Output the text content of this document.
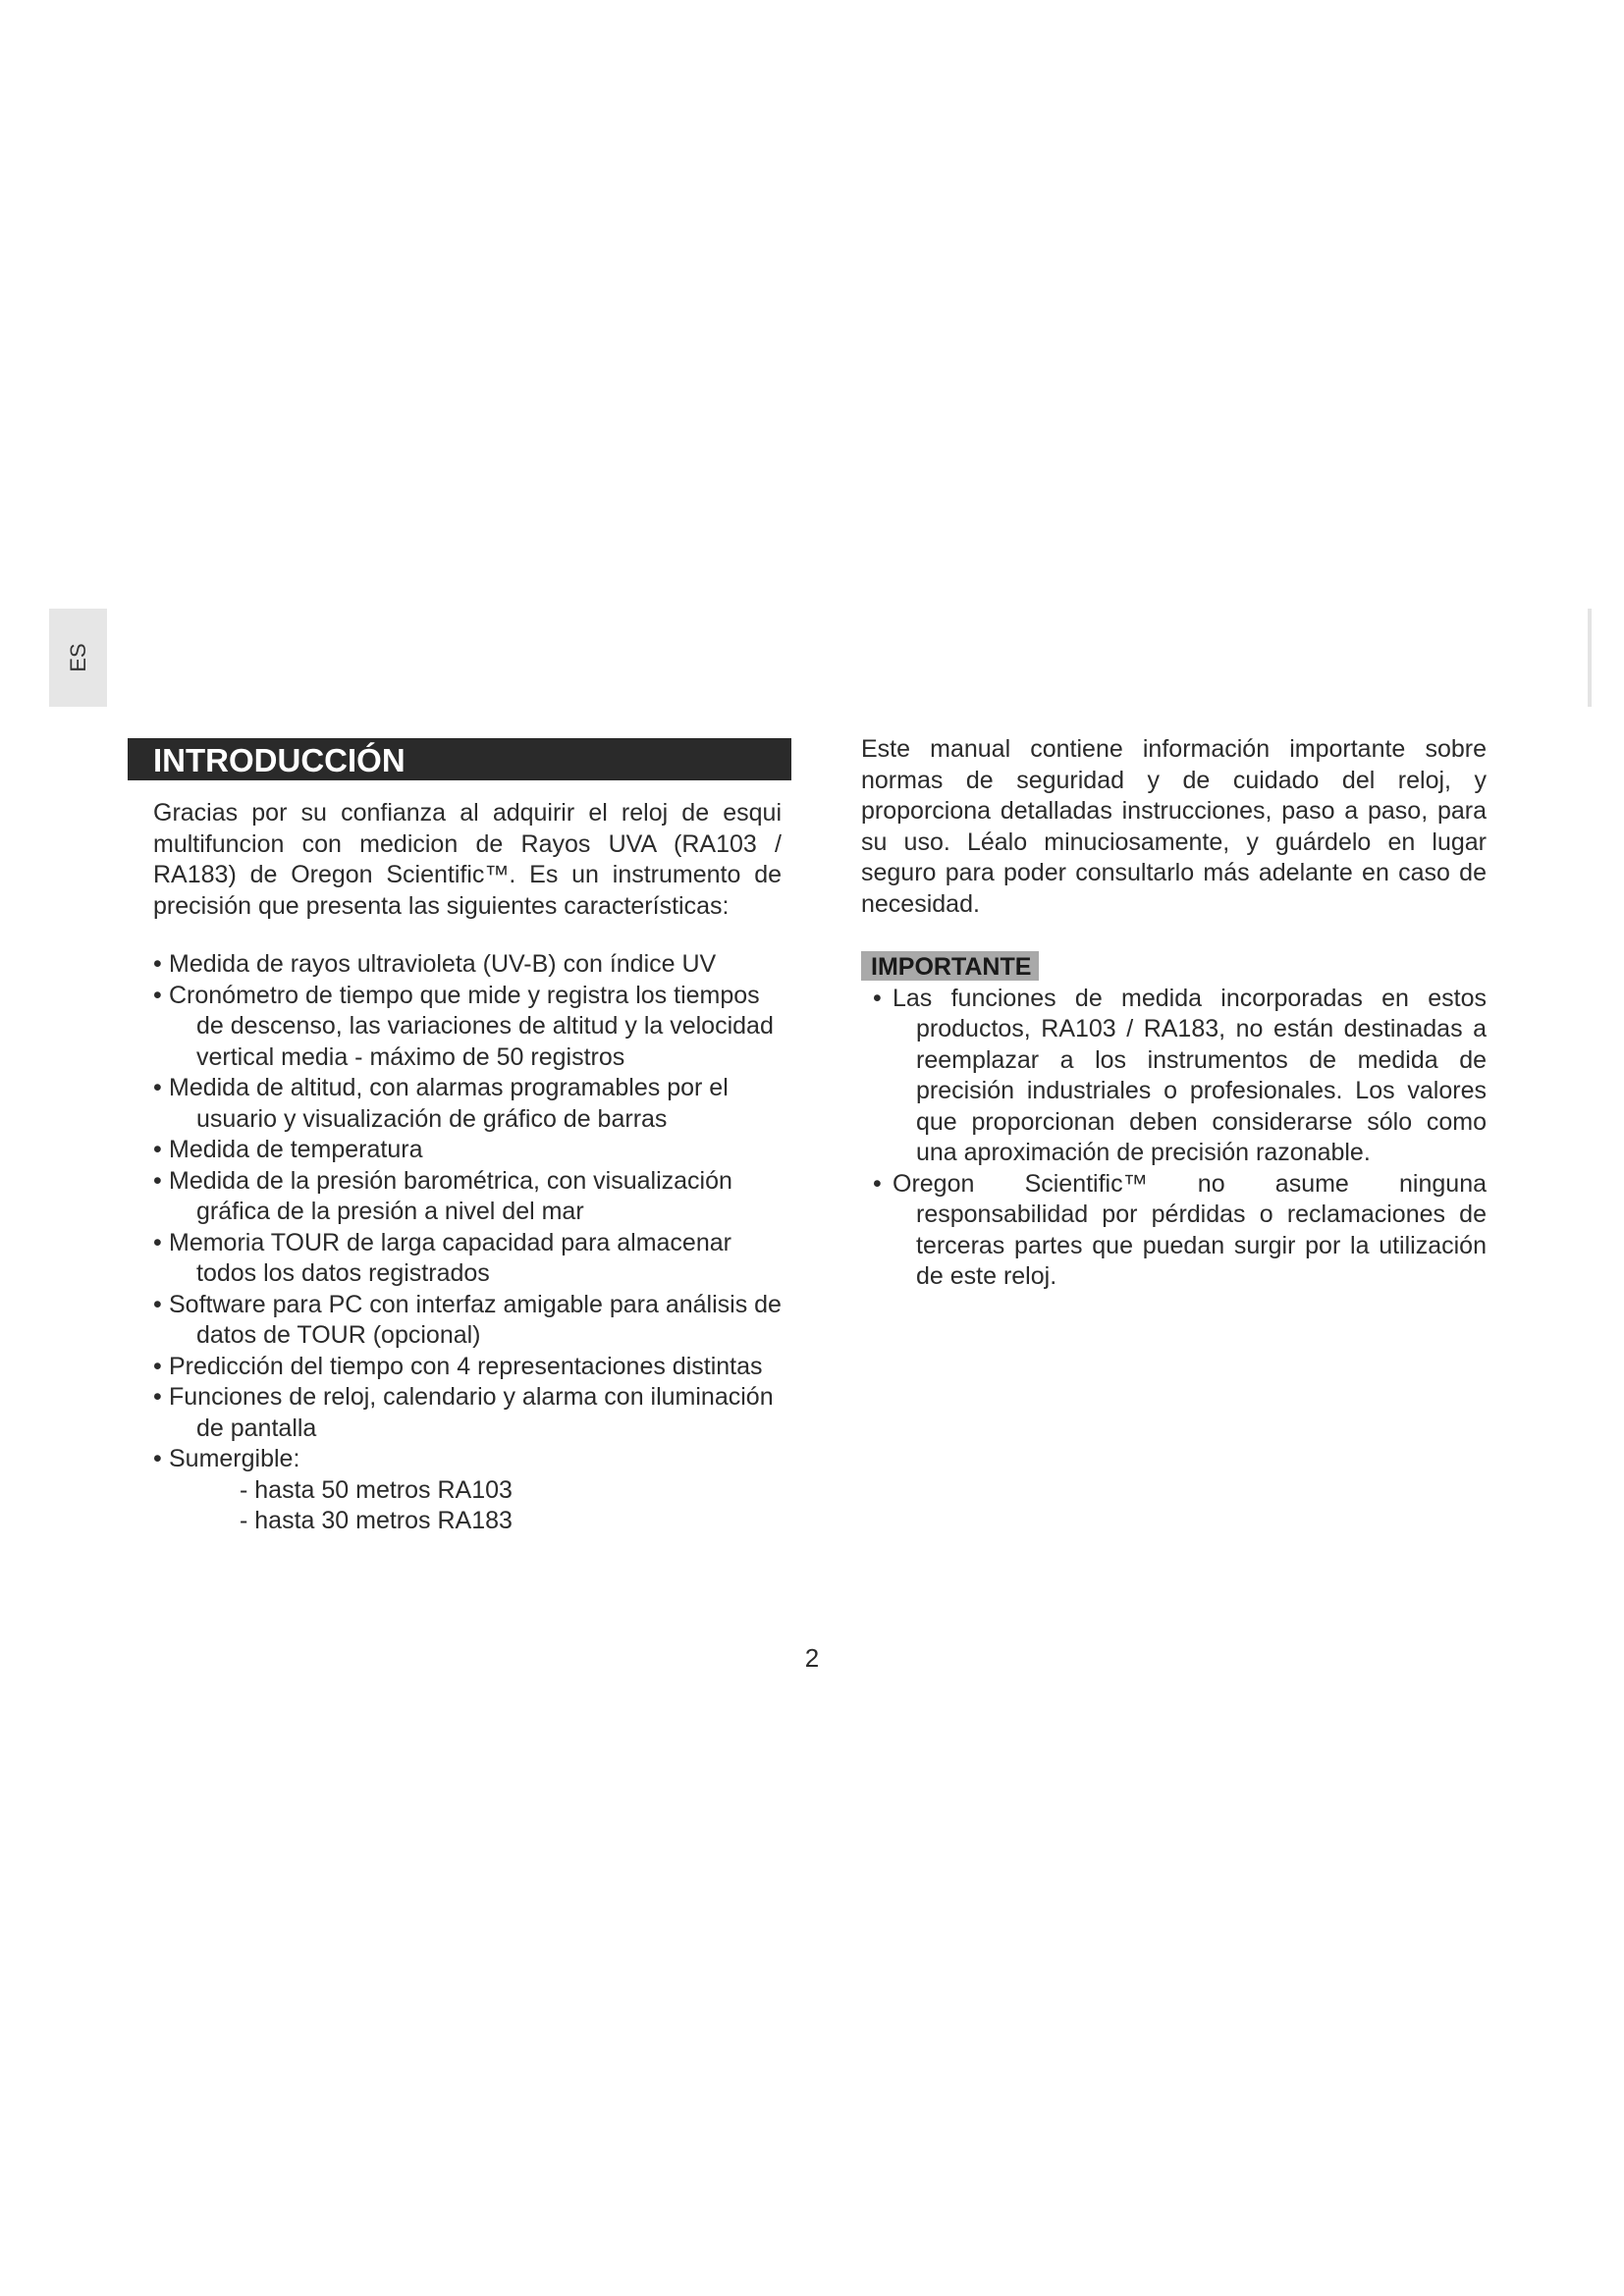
ES
INTRODUCCIÓN

Gracias por su confianza al adquirir el reloj de esqui multifuncion con medicion de Rayos UVA (RA103 / RA183) de Oregon Scientific™. Es un instrumento de precisión que presenta las siguientes características:

• Medida de rayos ultravioleta (UV-B) con índice UV
• Cronómetro de tiempo que mide y registra los tiempos de descenso, las variaciones de altitud y la velocidad vertical media - máximo de 50 registros
• Medida de altitud, con alarmas programables por el usuario y visualización de gráfico de barras
• Medida de temperatura
• Medida de la presión barométrica, con visualización gráfica de la presión a nivel del mar
• Memoria TOUR de larga capacidad para almacenar todos los datos registrados
• Software para PC con interfaz amigable para análisis de datos de TOUR (opcional)
• Predicción del tiempo con 4 representaciones distintas
• Funciones de reloj, calendario y alarma con iluminación de pantalla
• Sumergible:
- hasta 50 metros RA103
- hasta 30 metros RA183

Este manual contiene información importante sobre normas de seguridad y de cuidado del reloj, y proporciona detalladas instrucciones, paso a paso, para su uso. Léalo minuciosamente, y guárdelo en lugar seguro para poder consultarlo más adelante en caso de necesidad.

IMPORTANTE
• Las funciones de medida incorporadas en estos productos, RA103 / RA183, no están destinadas a reemplazar a los instrumentos de medida de precisión industriales o profesionales. Los valores que proporcionan deben considerarse sólo como una aproximación de precisión razonable.
• Oregon Scientific™ no asume ninguna responsabilidad por pérdidas o reclamaciones de terceras partes que puedan surgir por la utilización de este reloj.
2
